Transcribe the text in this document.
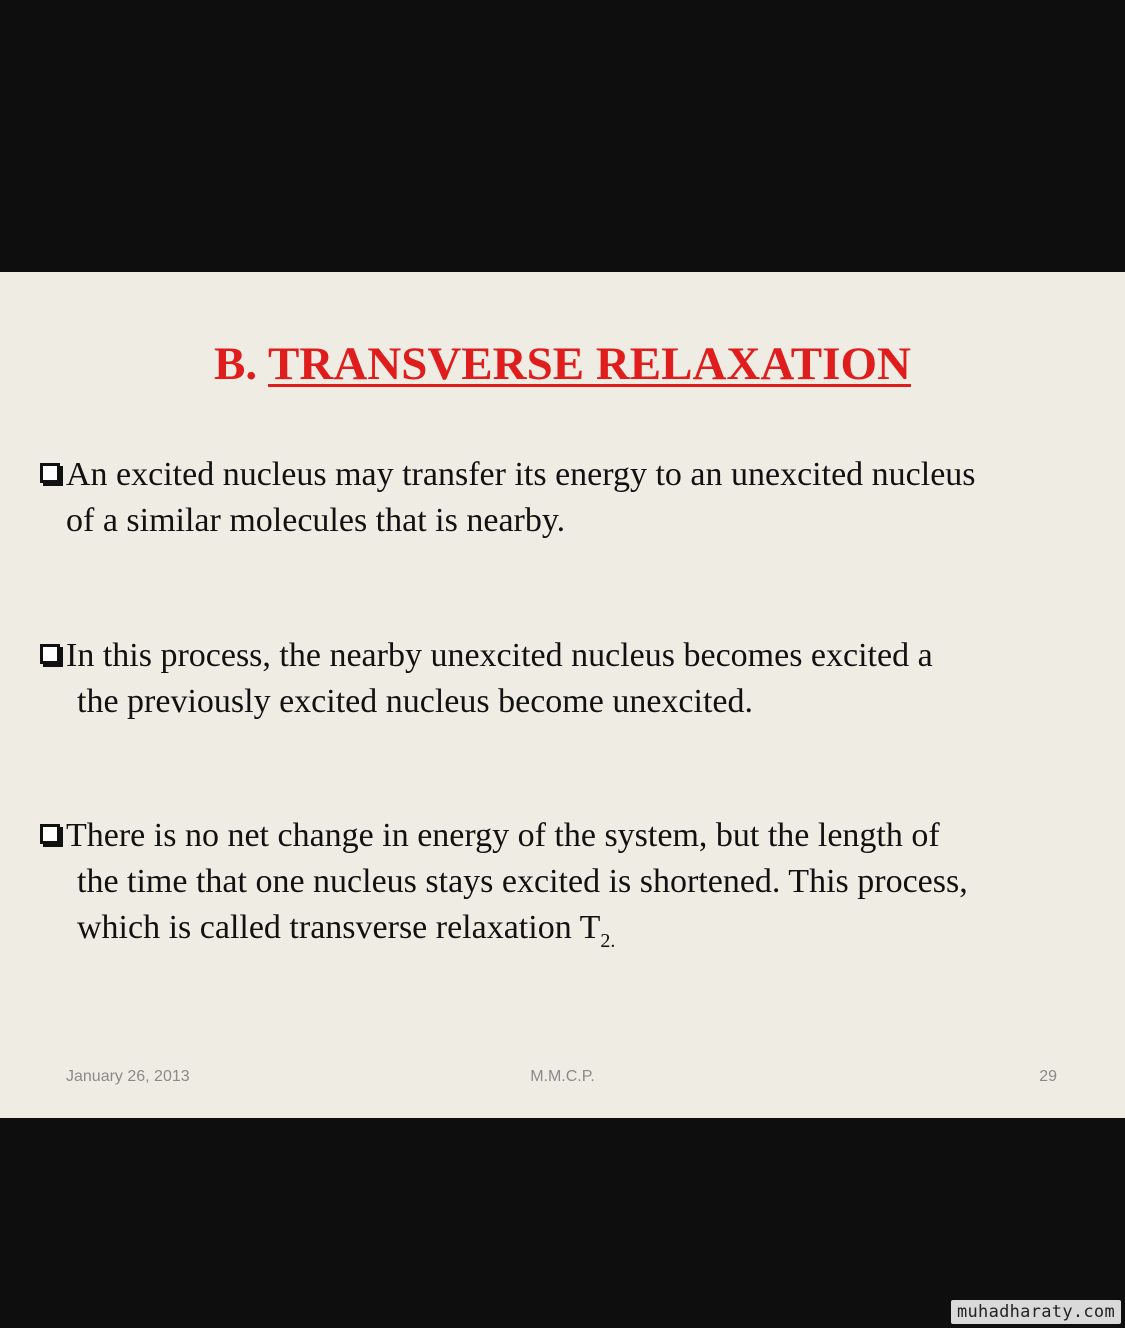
B. TRANSVERSE RELAXATION

An excited nucleus may transfer its energy to an unexcited nucleus
of a similar molecules that is nearby.

In this process, the nearby unexcited nucleus becomes excited a
the previously excited nucleus become unexcited.

There is no net change in energy of the system, but the length of
the time that one nucleus stays excited is shortened. This process,
which is called transverse relaxation $T_{2.}$

January 26, 2013	M.M.C.P.	29
muhadharaty.com
